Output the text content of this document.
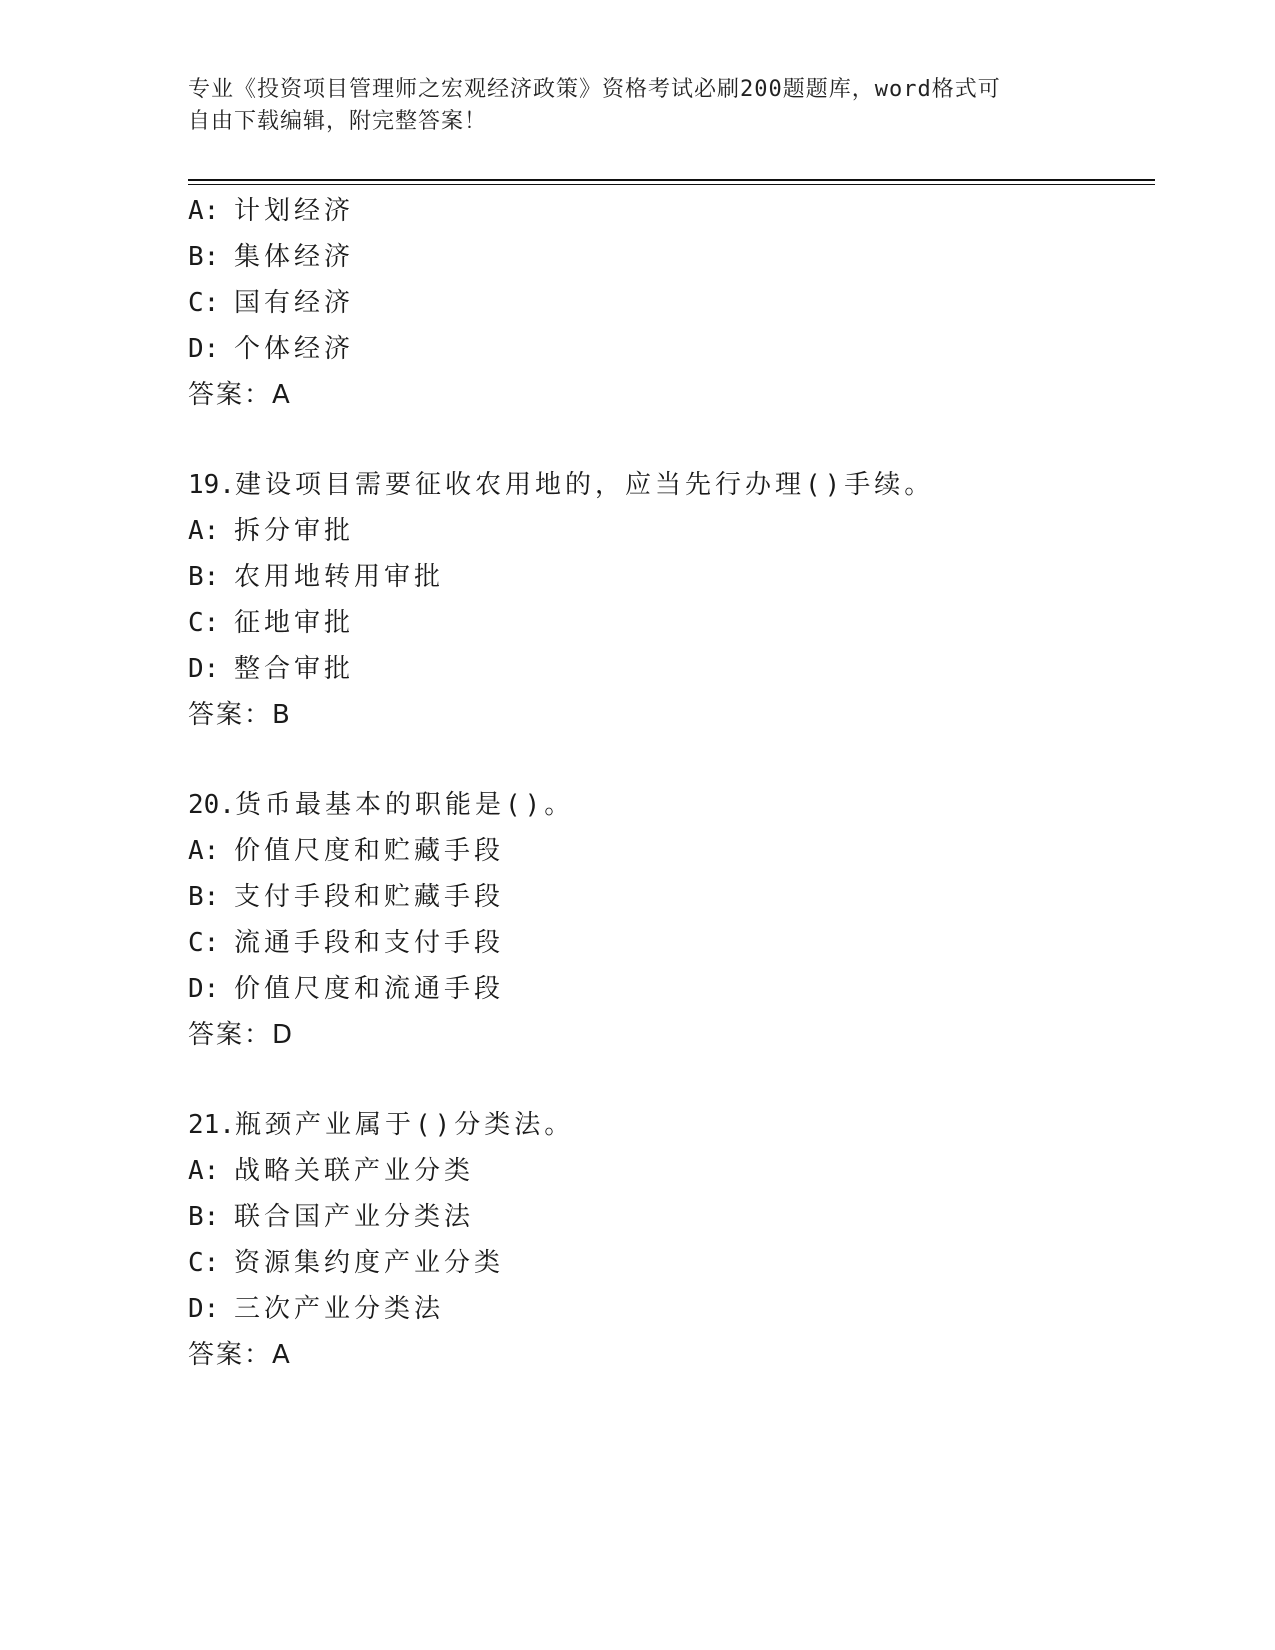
专业《投资项目管理师之宏观经济政策》资格考试必刷200题题库，word格式可
自由下载编辑，附完整答案！
A: 计划经济
B: 集体经济
C: 国有经济
D: 个体经济
答案：A
19.建设项目需要征收农用地的，应当先行办理()手续。
A: 拆分审批
B: 农用地转用审批
C: 征地审批
D: 整合审批
答案：B
20.货币最基本的职能是()。
A: 价值尺度和贮藏手段
B: 支付手段和贮藏手段
C: 流通手段和支付手段
D: 价值尺度和流通手段
答案：D
21.瓶颈产业属于()分类法。
A: 战略关联产业分类
B: 联合国产业分类法
C: 资源集约度产业分类
D: 三次产业分类法
答案：A
